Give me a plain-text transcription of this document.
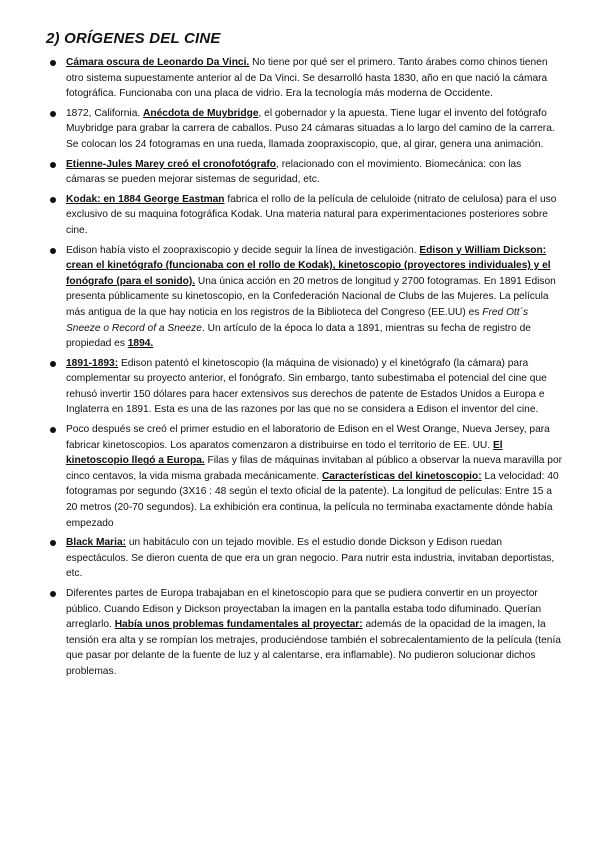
2) ORÍGENES DEL CINE
Cámara oscura de Leonardo Da Vinci. No tiene por qué ser el primero. Tanto árabes como chinos tienen otro sistema supuestamente anterior al de Da Vinci. Se desarrolló hasta 1830, año en que nació la cámara fotográfica. Funcionaba con una placa de vidrio. Era la tecnología más moderna de Occidente.
1872, California. Anécdota de Muybridge, el gobernador y la apuesta. Tiene lugar el invento del fotógrafo Muybridge para grabar la carrera de caballos. Puso 24 cámaras situadas a lo largo del camino de la carrera. Se colocan los 24 fotogramas en una rueda, llamada zoopraxiscopio, que, al girar, genera una animación.
Etienne-Jules Marey creó el cronofotógrafo, relacionado con el movimiento. Biomecánica: con las cámaras se pueden mejorar sistemas de seguridad, etc.
Kodak: en 1884 George Eastman fabrica el rollo de la película de celuloide (nitrato de celulosa) para el uso exclusivo de su maquina fotográfica Kodak. Una materia natural para experimentaciones posteriores sobre cine.
Edison había visto el zoopraxiscopio y decide seguir la línea de investigación. Edison y William Dickson: crean el kinetógrafo (funcionaba con el rollo de Kodak), kinetoscopio (proyectores individuales) y el fonógrafo (para el sonido). Una única acción en 20 metros de longitud y 2700 fotogramas. En 1891 Edison presenta públicamente su kinetoscopio, en la Confederación Nacional de Clubs de las Mujeres. La película más antigua de la que hay noticia en los registros de la Biblioteca del Congreso (EE.UU) es Fred Ott´s Sneeze o Record of a Sneeze. Un artículo de la época lo data a 1891, mientras su fecha de registro de propiedad es 1894.
1891-1893: Edison patentó el kinetoscopio (la máquina de visionado) y el kinetógrafo (la cámara) para complementar su proyecto anterior, el fonógrafo. Sin embargo, tanto subestimaba el potencial del cine que rehusó invertir 150 dólares para hacer extensivos sus derechos de patente de Estados Unidos a Europa e Inglaterra en 1891. Esta es una de las razones por las que no se considera a Edison el inventor del cine.
Poco después se creó el primer estudio en el laboratorio de Edison en el West Orange, Nueva Jersey, para fabricar kinetoscopios. Los aparatos comenzaron a distribuirse en todo el territorio de EE. UU. El kinetoscopio llegó a Europa. Filas y filas de máquinas invitaban al público a observar la nueva maravilla por cinco centavos, la vida misma grabada mecánicamente. Características del kinetoscopio: La velocidad: 40 fotogramas por segundo (3X16 : 48 según el texto oficial de la patente). La longitud de películas: Entre 15 a 20 metros (20-70 segundos). La exhibición era continua, la película no terminaba exactamente dónde había empezado
Black Maria: un habitáculo con un tejado movible. Es el estudio donde Dickson y Edison ruedan espectáculos. Se dieron cuenta de que era un gran negocio. Para nutrir esta industria, invitaban deportistas, etc.
Diferentes partes de Europa trabajaban en el kinetoscopio para que se pudiera convertir en un proyector público. Cuando Edison y Dickson proyectaban la imagen en la pantalla estaba todo difuminado. Querían arreglarlo. Había unos problemas fundamentales al proyectar: además de la opacidad de la imagen, la tensión era alta y se rompían los metrajes, produciéndose también el sobrecalentamiento de la película (tenía que pasar por delante de la fuente de luz y al calentarse, era inflamable). No pudieron solucionar dichos problemas.
